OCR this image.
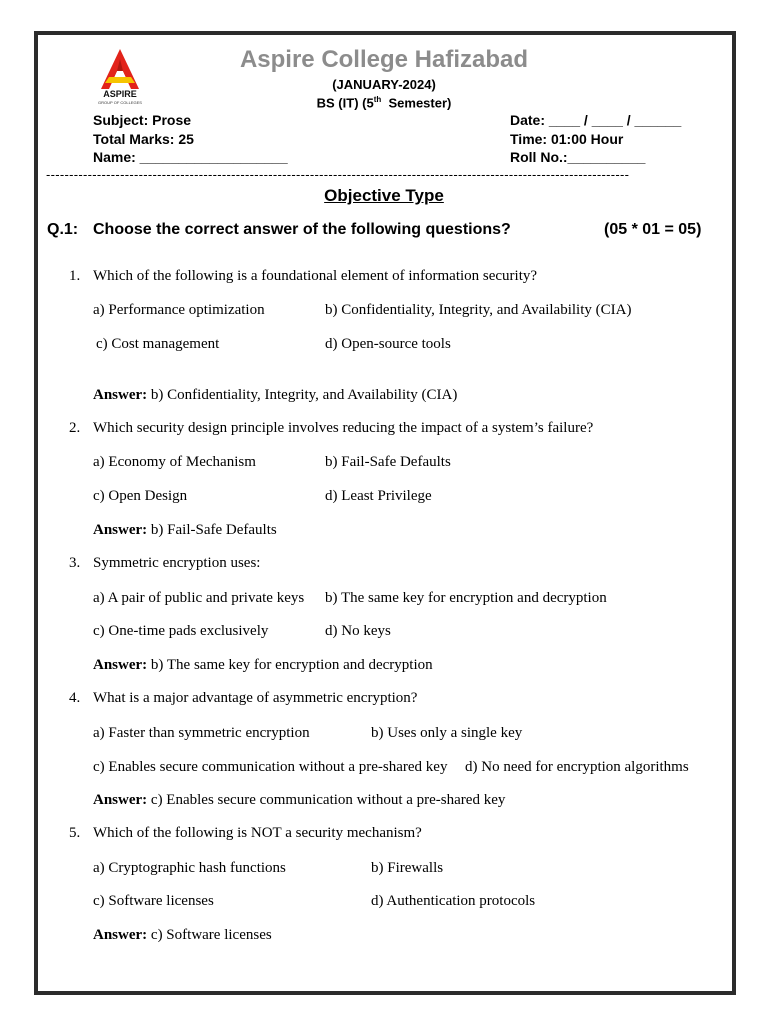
ASPIRE
GROUP OF COLLEGES
Aspire College Hafizabad
(JANUARY-2024)
BS (IT) (5th  Semester)
Subject: Prose
Total Marks: 25
Name: ___________________
Date: ____ / ____ / ______
Time: 01:00 Hour
Roll No.:__________
------------------------------------------------------------------------------------------------------------------------------
Objective Type
Q.1: Choose the correct answer of the following questions?	(05 * 01 = 05)
1. Which of the following is a foundational element of information security?
a) Performance optimization	b) Confidentiality, Integrity, and Availability (CIA)
c) Cost management	d) Open-source tools
Answer: b) Confidentiality, Integrity, and Availability (CIA)
2. Which security design principle involves reducing the impact of a system’s failure?
a) Economy of Mechanism	b) Fail-Safe Defaults
c) Open Design	d) Least Privilege
Answer: b) Fail-Safe Defaults
3. Symmetric encryption uses:
a) A pair of public and private keys b) The same key for encryption and decryption
c) One-time pads exclusively	d) No keys
Answer: b) The same key for encryption and decryption
4. What is a major advantage of asymmetric encryption?
a) Faster than symmetric encryption	b) Uses only a single key
c) Enables secure communication without a pre-shared key d) No need for encryption algorithms
Answer: c) Enables secure communication without a pre-shared key
5. Which of the following is NOT a security mechanism?
a) Cryptographic hash functions	b) Firewalls
c) Software licenses	d) Authentication protocols
Answer: c) Software licenses
